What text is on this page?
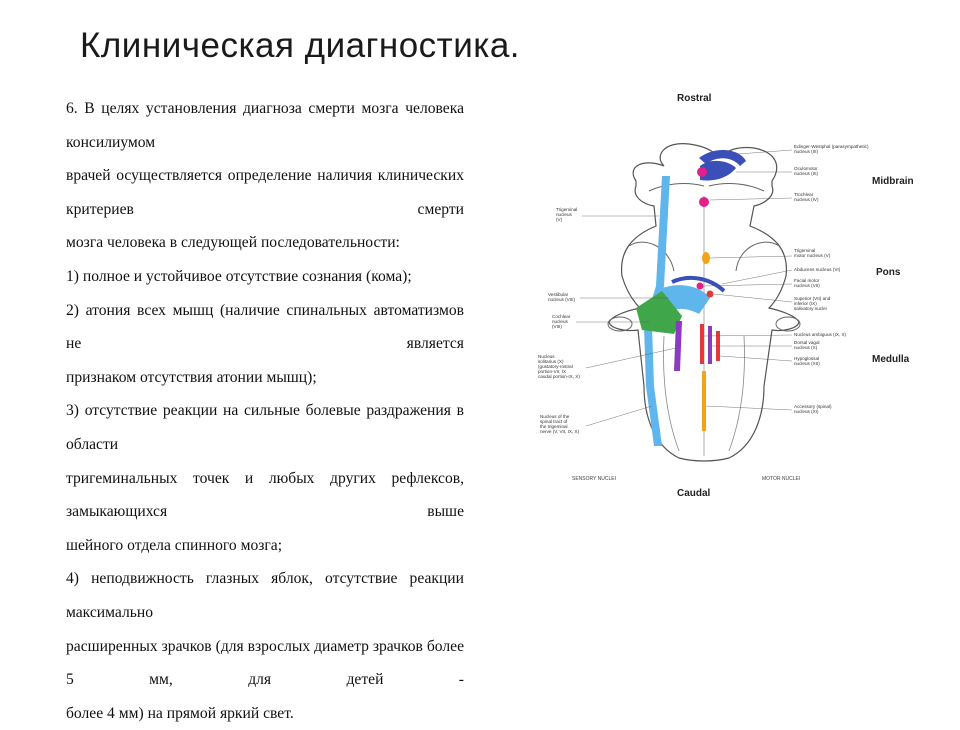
Клиническая диагностика.

6. В целях установления диагноза смерти мозга человека консилиумом

врачей осуществляется определение наличия клинических критериев смерти

мозга человека в следующей последовательности:

1) полное и устойчивое отсутствие сознания (кома);

2) атония всех мышц (наличие спинальных автоматизмов не является

признаком отсутствия атонии мышц);

3) отсутствие реакции на сильные болевые раздражения в области

тригеминальных точек и любых других рефлексов, замыкающихся выше

шейного отдела спинного мозга;

4) неподвижность глазных яблок, отсутствие реакции максимально

расширенных зрачков (для взрослых диаметр зрачков более 5 мм, для детей -

более 4 мм) на прямой яркий свет.

Rostral
Caudal
Midbrain
Pons
Medulla
SENSORY NUCLEI	MOTOR NUCLEI
Trigeminal nucleus (V)
Vestibular nucleus (VIII)
Cochlear nucleus (VIII)
Nucleus solitarius (X) (gustatory-rostral portion-VII, IX caudal portion-IX, X)
Nucleus of the spinal tract of the trigeminal nerve (V, VII, IX, X)
Edinger-Westphal (parasympathetic) nucleus (III)
Oculomotor nucleus (III)
Trochlear nucleus (IV)
Trigeminal motor nucleus (V)
Abducens nucleus (VI)
Facial motor nucleus (VII)
Superior (VII) and inferior (IX) salivatory nuclei
Nucleus ambiguus (IX, X)
Dorsal vagal nucleus (X)
Hypoglossal nucleus (XII)
Accessory (spinal) nucleus (XI)
